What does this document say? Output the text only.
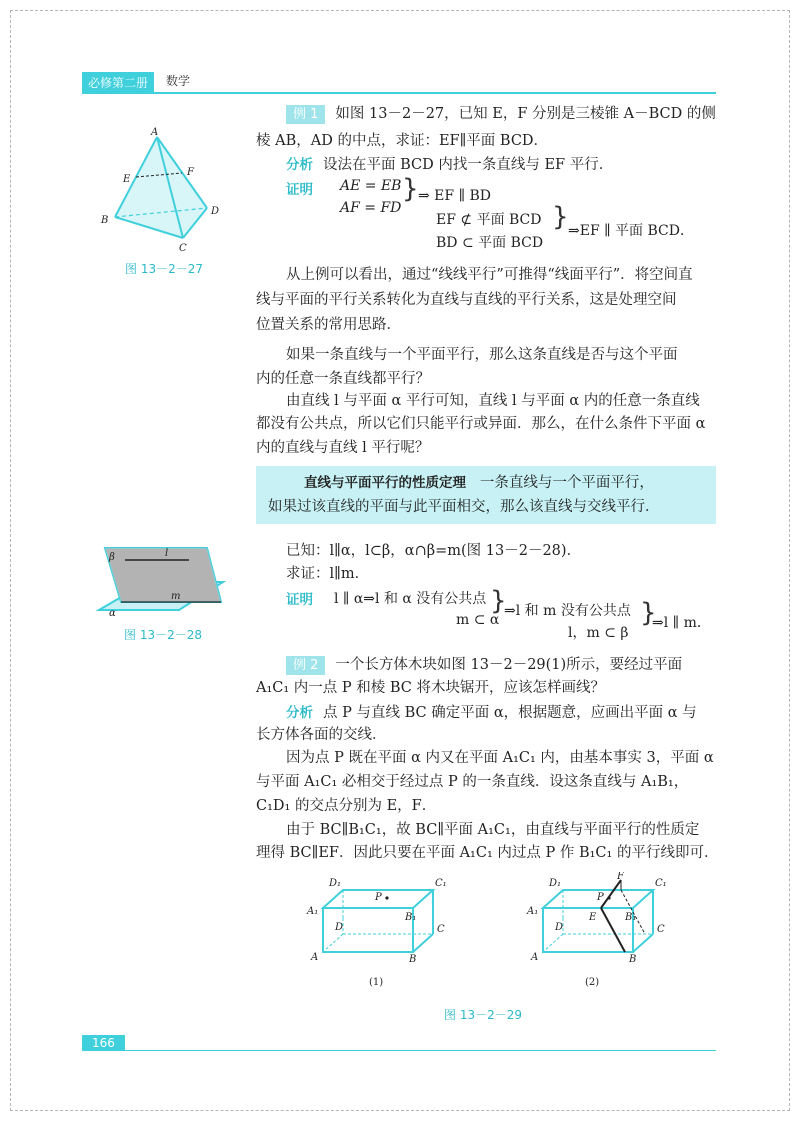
必修第二册	数学
A
E
F
B
D
C
图 13－2－27
例 1 如图 13－2－27，已知 E，F 分别是三棱锥 A－BCD 的侧
棱 AB，AD 的中点，求证：EF∥平面 BCD．
分析 设法在平面 BCD 内找一条直线与 EF 平行．
证明 AE = EB
AF = FD
} ⇒ EF ∥ BD
EF ⊄ 平面 BCD
BD ⊂ 平面 BCD
} ⇒EF ∥ 平面 BCD．
从上例可以看出，通过“线线平行”可推得“线面平行”．将空间直
线与平面的平行关系转化为直线与直线的平行关系，这是处理空间
位置关系的常用思路．
如果一条直线与一个平面平行，那么这条直线是否与这个平面
内的任意一条直线都平行？
由直线 l 与平面 α 平行可知，直线 l 与平面 α 内的任意一条直线
都没有公共点，所以它们只能平行或异面．那么，在什么条件下平面 α
内的直线与直线 l 平行呢？
直线与平面平行的性质定理 一条直线与一个平面平行，
如果过该直线的平面与此平面相交，那么该直线与交线平行．
β	l
α
m
图 13－2－28
已知：l∥α，l⊂β，α∩β=m(图 13－2－28)．
求证：l∥m．
证明 l ∥ α⇒l 和 α 没有公共点
m ⊂ α
}
⇒l 和 m 没有公共点
l，m ⊂ β
}
⇒l ∥ m．
例 2 一个长方体木块如图 13－2－29(1)所示，要经过平面
A₁C₁ 内一点 P 和棱 BC 将木块锯开，应该怎样画线？
分析 点 P 与直线 BC 确定平面 α，根据题意，应画出平面 α 与
长方体各面的交线．
因为点 P 既在平面 α 内又在平面 A₁C₁ 内，由基本事实 3，平面 α
与平面 A₁C₁ 必相交于经过点 P 的一条直线．设这条直线与 A₁B₁，
C₁D₁ 的交点分别为 E，F．
由于 BC∥B₁C₁，故 BC∥平面 A₁C₁，由直线与平面平行的性质定
理得 BC∥EF．因此只要在平面 A₁C₁ 内过点 P 作 B₁C₁ 的平行线即可．
D₁	C₁
P
A₁
B₁
D	C
A	B
(1)
D₁
F
C₁
P
A₁
E	B₁
D	C
A	B
(2)
图 13－2－29
166
